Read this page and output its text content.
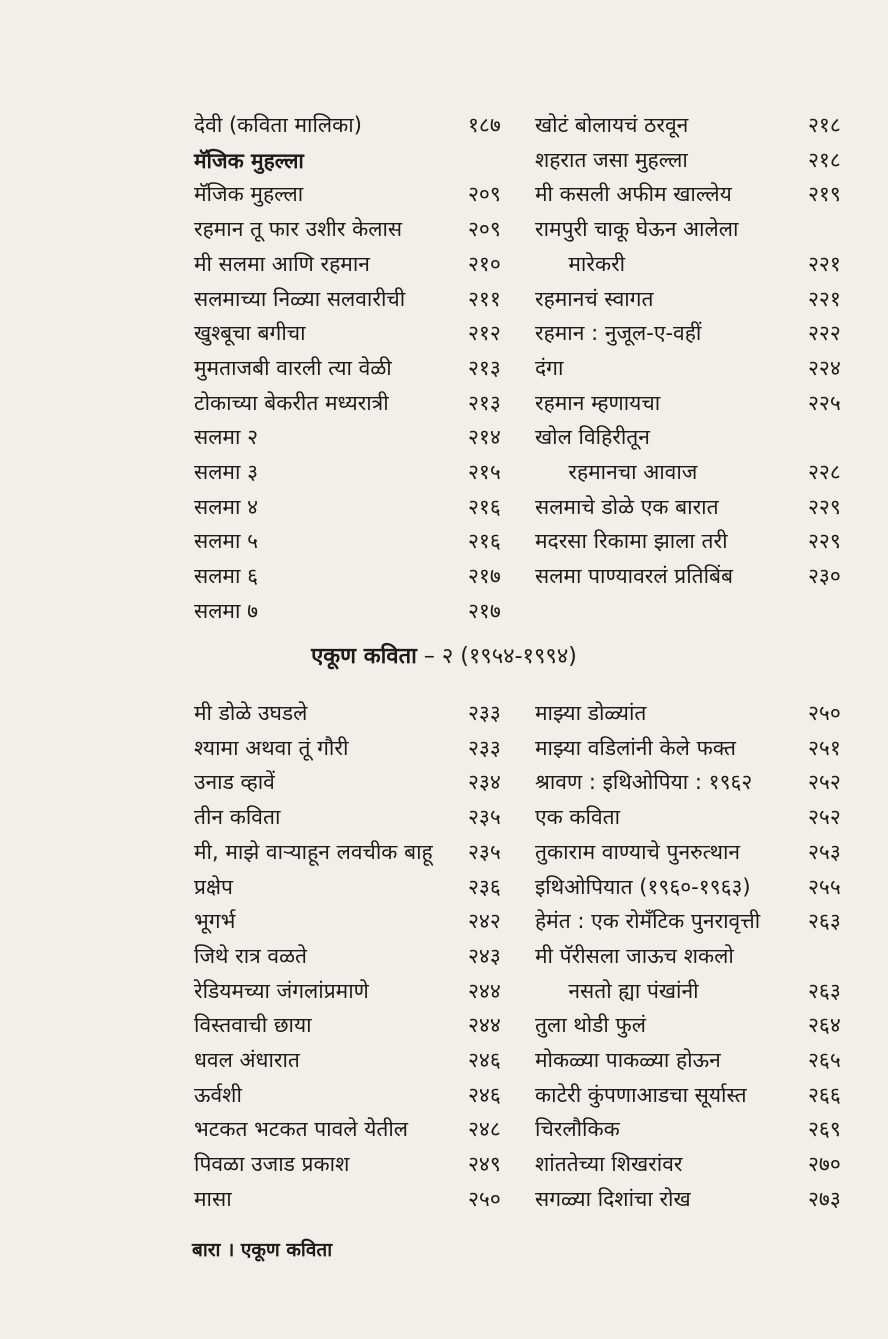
एकूण कविता – २ (१९५४-१९९४)
बारा । एकूण कविता
देवी (कविता मालिका)	१८७
मॅजिक मुहल्ला
मॅजिक मुहल्ला	२०९
रहमान तू फार उशीर केलास	२०९
मी सलमा आणि रहमान	२१०
सलमाच्या निळ्या सलवारीची	२११
खुश्बूचा बगीचा	२१२
मुमताजबी वारली त्या वेळी	२१३
टोकाच्या बेकरीत मध्यरात्री	२१३
सलमा २	२१४
सलमा ३	२१५
सलमा ४	२१६
सलमा ५	२१६
सलमा ६	२१७
सलमा ७	२१७
खोटं बोलायचं ठरवून	२१८
शहरात जसा मुहल्ला	२१८
मी कसली अफीम खाल्लेय	२१९
रामपुरी चाकू घेऊन आलेला
मारेकरी	२२१
रहमानचं स्वागत	२२१
रहमान : नुजूल-ए-वहीं	२२२
दंगा	२२४
रहमान म्हणायचा	२२५
खोल विहिरीतून
रहमानचा आवाज	२२८
सलमाचे डोळे एक बारात	२२९
मदरसा रिकामा झाला तरी	२२९
सलमा पाण्यावरलं प्रतिबिंब	२३०
मी डोळे उघडले	२३३
श्यामा अथवा तूं गौरी	२३३
उनाड व्हावें	२३४
तीन कविता	२३५
मी, माझे वाऱ्याहून लवचीक बाहू २३५
प्रक्षेप	२३६
भूगर्भ	२४२
जिथे रात्र वळते	२४३
रेडियमच्या जंगलांप्रमाणे	२४४
विस्तवाची छाया	२४४
धवल अंधारात	२४६
ऊर्वशी	२४६
भटकत भटकत पावले येतील	२४८
पिवळा उजाड प्रकाश	२४९
मासा	२५०
माझ्या डोळ्यांत	२५०
माझ्या वडिलांनी केले फक्त	२५१
श्रावण : इथिओपिया : १९६२	२५२
एक कविता	२५२
तुकाराम वाण्याचे पुनरुत्थान	२५३
इथिओपियात (१९६०-१९६३)	२५५
हेमंत : एक रोमँटिक पुनरावृत्ती २६३
मी पॅरीसला जाऊच शकलो
नसतो ह्या पंखांनी	२६३
तुला थोडी फुलं	२६४
मोकळ्या पाकळ्या होऊन	२६५
काटेरी कुंपणाआडचा सूर्यास्त	२६६
चिरलौकिक	२६९
शांततेच्या शिखरांवर	२७०
सगळ्या दिशांचा रोख	२७३
